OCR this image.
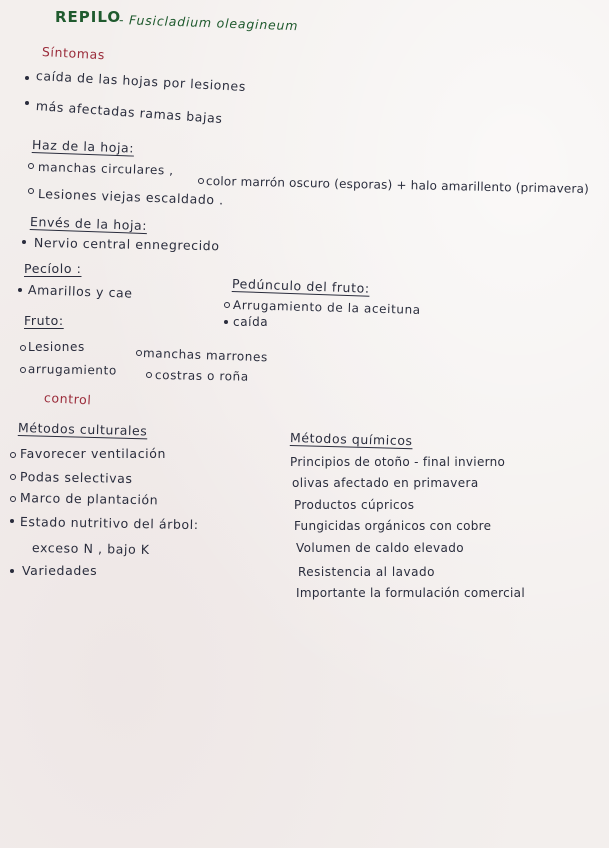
REPILO
- Fusicladium oleagineum
Síntomas
caída de las hojas por lesiones
más afectadas ramas bajas
Haz de la hoja:
manchas circulares ,
color marrón oscuro (esporas) + halo amarillento (primavera)
Lesiones viejas escaldado .
Envés de la hoja:
Nervio central ennegrecido
Pecíolo :
Amarillos y cae	Pedúnculo del fruto:
Arrugamiento de la aceituna
caída
Fruto:
Lesiones	manchas marrones
arrugamiento	costras o roña
control
Métodos culturales
Favorecer ventilación
Podas selectivas
Marco de plantación
Estado nutritivo del árbol:
exceso N , bajo K
Variedades
Métodos químicos
Principios de otoño - final invierno
olivas afectado en primavera
Productos cúpricos
Fungicidas orgánicos con cobre
Volumen de caldo elevado
Resistencia al lavado
Importante la formulación comercial
